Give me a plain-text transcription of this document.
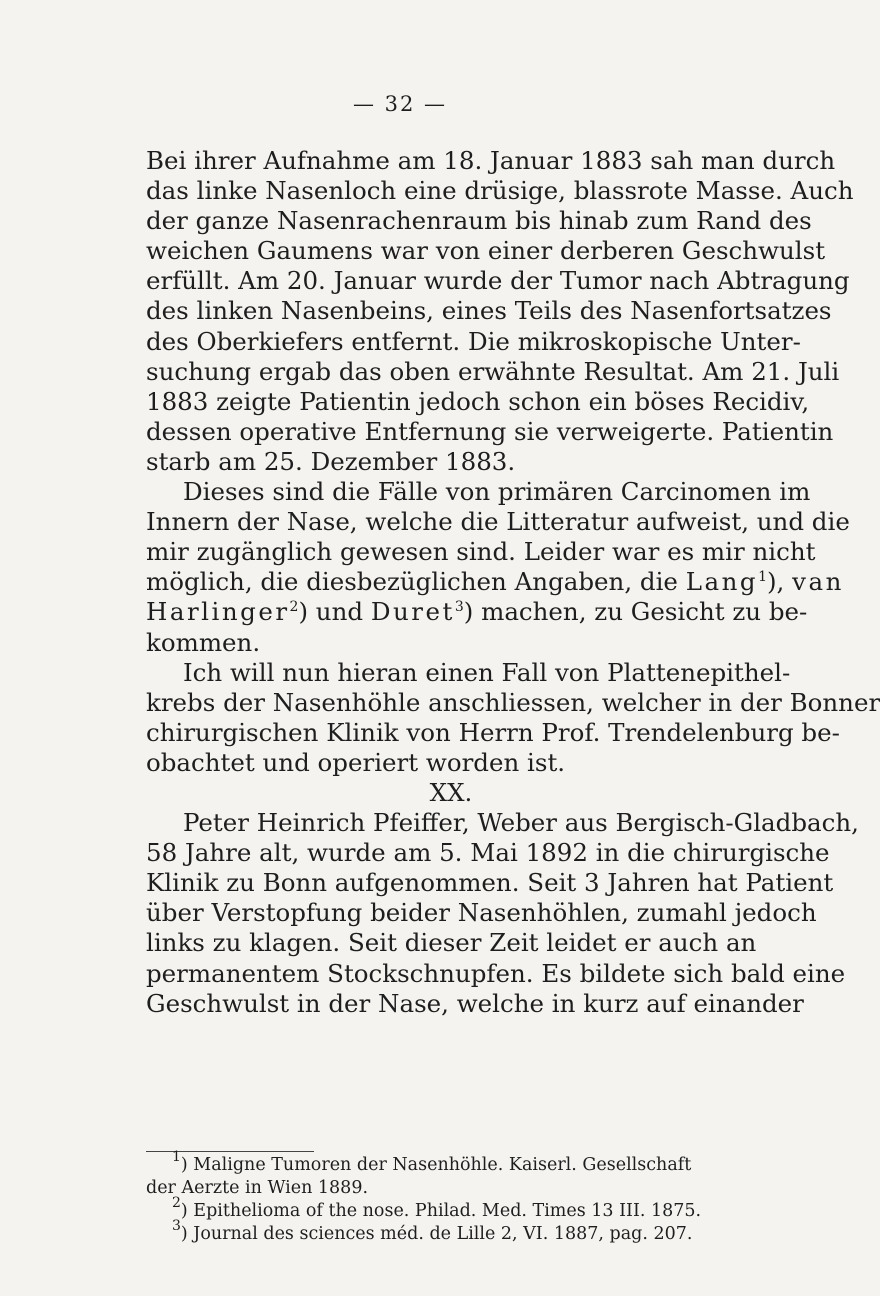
— 32 —
Bei ihrer Aufnahme am 18. Januar 1883 sah man durch
das linke Nasenloch eine drüsige, blassrote Masse. Auch
der ganze Nasenrachenraum bis hinab zum Rand des
weichen Gaumens war von einer derberen Geschwulst
erfüllt. Am 20. Januar wurde der Tumor nach Abtragung
des linken Nasenbeins, eines Teils des Nasenfortsatzes
des Oberkiefers entfernt. Die mikroskopische Unter-
suchung ergab das oben erwähnte Resultat. Am 21. Juli
1883 zeigte Patientin jedoch schon ein böses Recidiv,
dessen operative Entfernung sie verweigerte. Patientin
starb am 25. Dezember 1883.
Dieses sind die Fälle von primären Carcinomen im
Innern der Nase, welche die Litteratur aufweist, und die
mir zugänglich gewesen sind. Leider war es mir nicht
möglich, die diesbezüglichen Angaben, die Lang$^1$), van
Harlinger$^2$) und Duret$^3$) machen, zu Gesicht zu be-
kommen.
Ich will nun hieran einen Fall von Plattenepithel-
krebs der Nasenhöhle anschliessen, welcher in der Bonner
chirurgischen Klinik von Herrn Prof. Trendelenburg be-
obachtet und operiert worden ist.
XX.
Peter Heinrich Pfeiffer, Weber aus Bergisch-Gladbach,
58 Jahre alt, wurde am 5. Mai 1892 in die chirurgische
Klinik zu Bonn aufgenommen. Seit 3 Jahren hat Patient
über Verstopfung beider Nasenhöhlen, zumahl jedoch
links zu klagen. Seit dieser Zeit leidet er auch an
permanentem Stockschnupfen. Es bildete sich bald eine
Geschwulst in der Nase, welche in kurz auf einander
$^1$) Maligne Tumoren der Nasenhöhle. Kaiserl. Gesellschaft
der Aerzte in Wien 1889.
$^2$) Epithelioma of the nose. Philad. Med. Times 13 III. 1875.
$^3$) Journal des sciences méd. de Lille 2, VI. 1887, pag. 207.
